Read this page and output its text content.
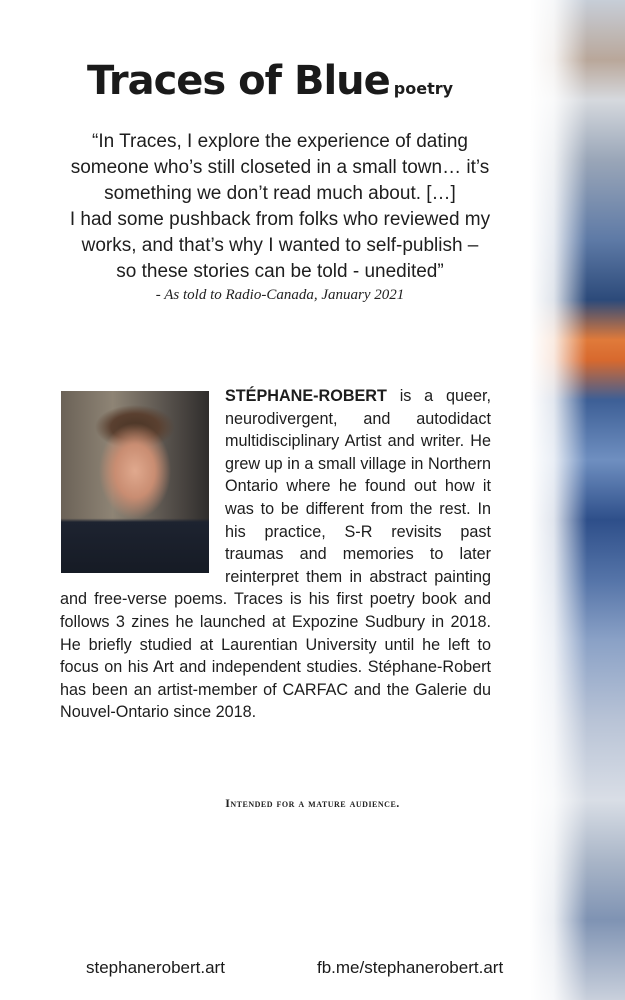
Traces of Blue poetry

“In Traces, I explore the experience of dating
someone who’s still closeted in a small town… it’s
something we don’t read much about. […]
I had some pushback from folks who reviewed my
works, and that’s why I wanted to self-publish –
so these stories can be told - unedited”

- As told to Radio-Canada, January 2021

STÉPHANE-ROBERT is a queer, neurodivergent, and autodidact multidisciplinary Artist and writer. He grew up in a small village in Northern Ontario where he found out how it was to be different from the rest. In his practice, S-R revisits past traumas and memories to later reinterpret them in abstract painting and free-verse poems. Traces is his first poetry book and follows 3 zines he launched at Expozine Sudbury in 2018. He briefly studied at Laurentian University until he left to focus on his Art and independent studies. Stéphane-Robert has been an artist-member of CARFAC and the Galerie du Nouvel-Ontario since 2018.

Intended for a mature audience.

stephanerobert.art	fb.me/stephanerobert.art
